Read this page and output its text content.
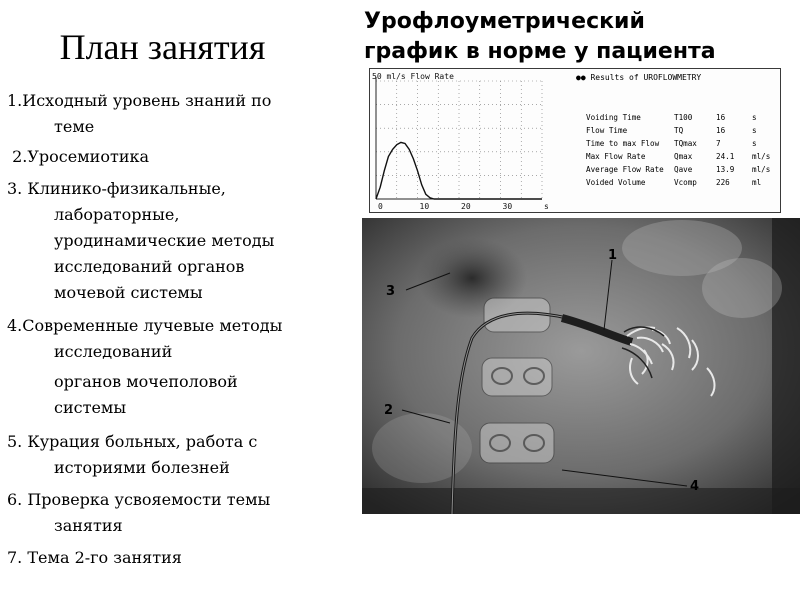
План занятия
1.Исходный уровень знаний по
теме
2.Уросемиотика
3. Клинико-физикальные,
лабораторные,
уродинамические методы
исследований органов
мочевой системы
4.Современные лучевые методы
исследований
органов мочеполовой
системы
5. Курация больных, работа с
историями болезней
6. Проверка усвояемости темы
занятия
7. Тема 2-го занятия
Урофлоуметрический
график в норме у пациента
50 ml/s Flow Rate
0	10	20	30	s
●● Results of UROFLOWMETRY
Voiding Time	T100	16	s
Flow Time	TQ	16	s
Time to max Flow TQmax	7	s
Max Flow Rate	Qmax	24.1 ml/s
Average Flow Rate Qave	13.9 ml/s
Voided Volume	Vcomp	226	ml
1
2
3
4
